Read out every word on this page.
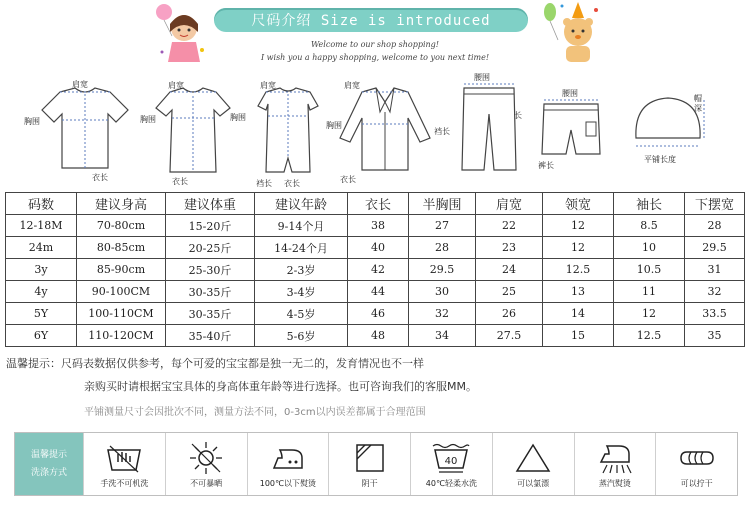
尺码介绍 Size is introduced
Welcome to our shop shopping!
I wish you a happy shopping, welcome to you next time!
肩宽
胸围
衣长
肩宽
胸围
衣长
肩宽
胸围
裆长 衣长
肩宽
胸围
衣长
腰围
裆长
长
腰围
裤长
帽深
平铺长度
码数	建议身高	建议体重	建议年龄	衣长	半胸围	肩宽	领宽	袖长	下摆宽
12-18M	70-80cm	15-20斤	9-14个月	38	27	22	12	8.5	28
24m	80-85cm	20-25斤	14-24个月	40	28	23	12	10	29.5
3y	85-90cm	25-30斤	2-3岁	42	29.5	24	12.5	10.5	31
4y	90-100CM	30-35斤	3-4岁	44	30	25	13	11	32
5Y	100-110CM	30-35斤	4-5岁	46	32	26	14	12	33.5
6Y	110-120CM	35-40斤	5-6岁	48	34	27.5	15	12.5	35
温馨提示：尺码表数据仅供参考，每个可爱的宝宝都是独一无二的，发育情况也不一样
亲购买时请根据宝宝具体的身高体重年龄等进行选择。也可咨询我们的客服MM。
平铺测量尺寸会因批次不同，测量方法不同，0-3cm以内误差都属于合理范围
温馨提示
洗涤方式
手洗不可机洗	不可暴晒	100℃以下熨烫	阴干
40
40℃轻柔水洗	可以氯漂	蒸汽熨烫	可以拧干
